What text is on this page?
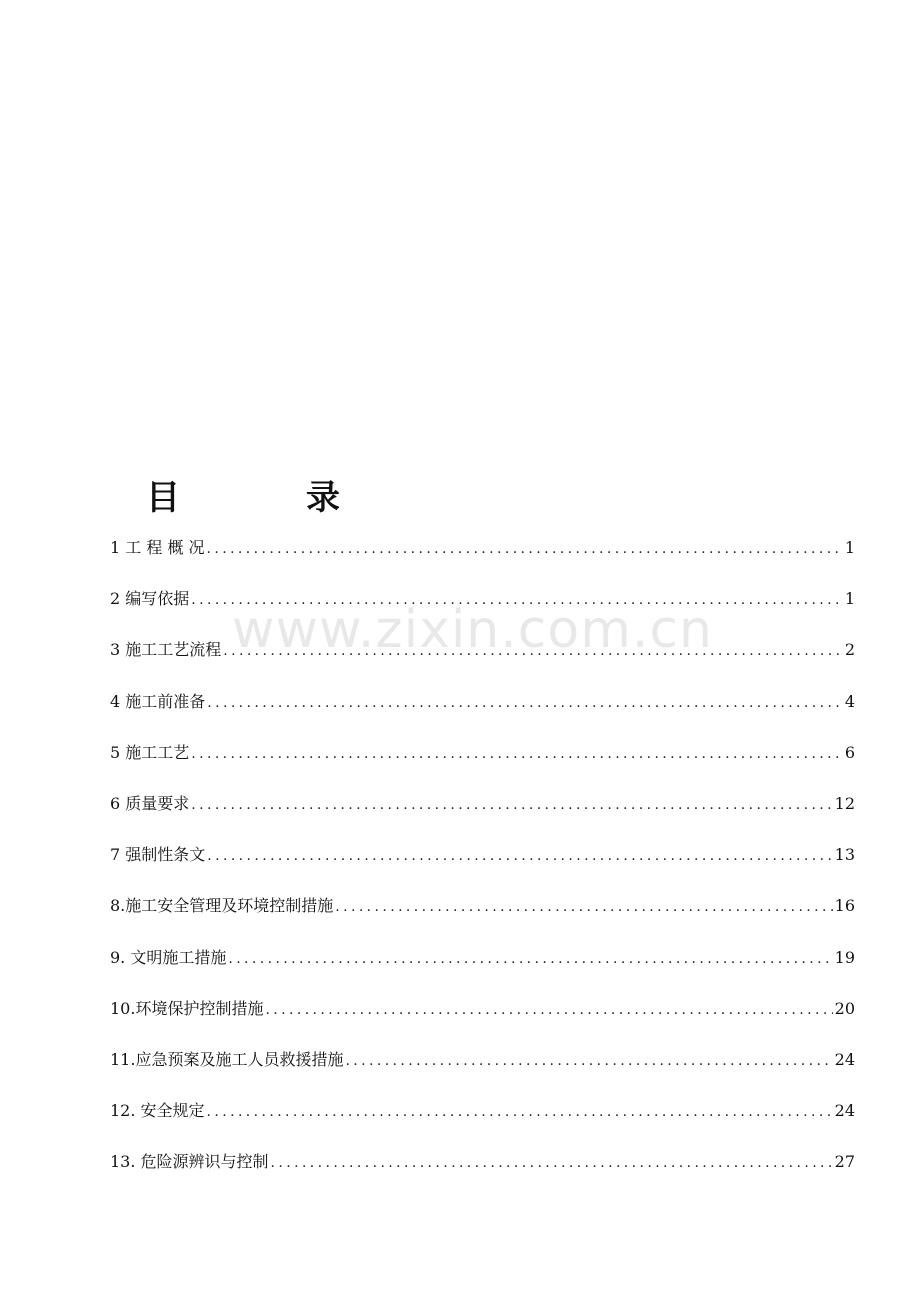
目　录
1 工 程 概 况 .....	1
2 编写依据 .....	1
3 施工工艺流程 .....	2
4 施工前准备 .....	4
5 施工工艺 .....	6
6 质量要求 .....	12
7 强制性条文 .....	13
8.施工安全管理及环境控制措施 .....	16
9. 文明施工措施 .....	19
10.环境保护控制措施 .....	20
11.应急预案及施工人员救援措施 .....	24
12. 安全规定 .....	24
13. 危险源辨识与控制 .....	27
www.zixin.com.cn
